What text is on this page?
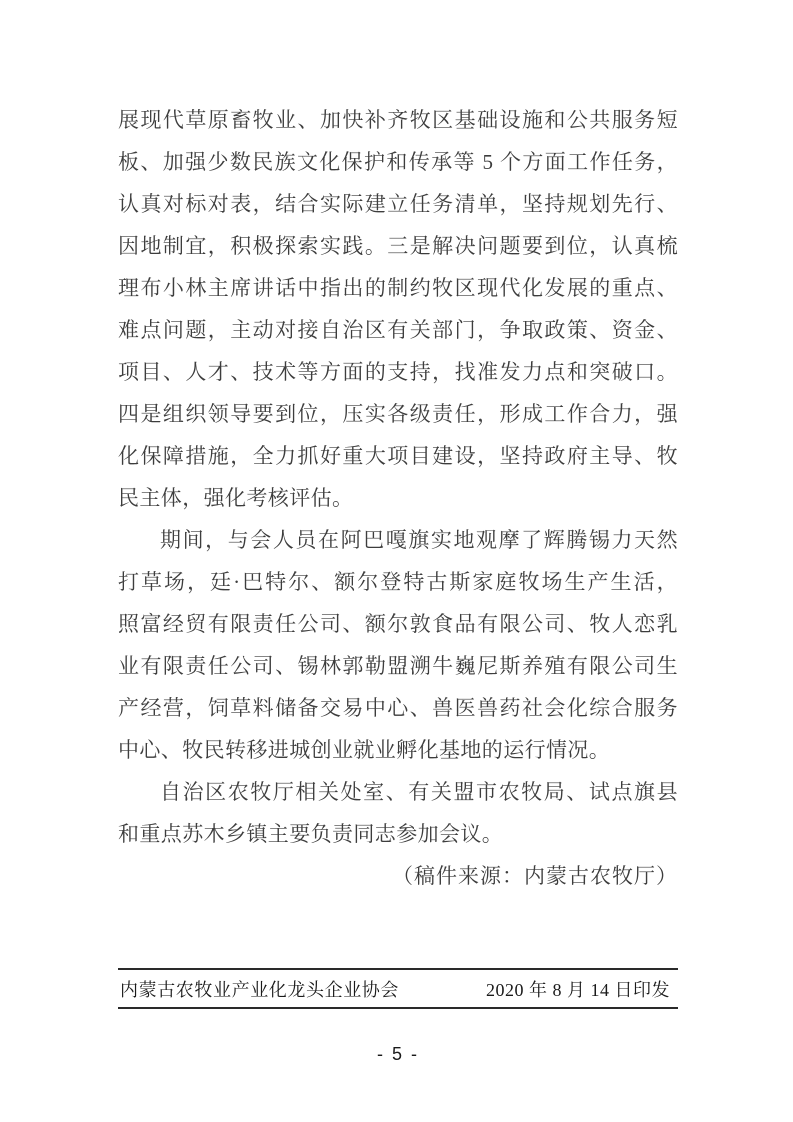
展现代草原畜牧业、加快补齐牧区基础设施和公共服务短
板、加强少数民族文化保护和传承等 5 个方面工作任务，
认真对标对表，结合实际建立任务清单，坚持规划先行、
因地制宜，积极探索实践。三是解决问题要到位，认真梳
理布小林主席讲话中指出的制约牧区现代化发展的重点、
难点问题，主动对接自治区有关部门，争取政策、资金、
项目、人才、技术等方面的支持，找准发力点和突破口。
四是组织领导要到位，压实各级责任，形成工作合力，强
化保障措施，全力抓好重大项目建设，坚持政府主导、牧
民主体，强化考核评估。
期间，与会人员在阿巴嘎旗实地观摩了辉腾锡力天然
打草场，廷·巴特尔、额尔登特古斯家庭牧场生产生活，
照富经贸有限责任公司、额尔敦食品有限公司、牧人恋乳
业有限责任公司、锡林郭勒盟溯牛巍尼斯养殖有限公司生
产经营，饲草料储备交易中心、兽医兽药社会化综合服务
中心、牧民转移进城创业就业孵化基地的运行情况。
自治区农牧厅相关处室、有关盟市农牧局、试点旗县
和重点苏木乡镇主要负责同志参加会议。
（稿件来源：内蒙古农牧厅）
内蒙古农牧业产业化龙头企业协会	2020 年 8 月 14 日印发
- 5 -
